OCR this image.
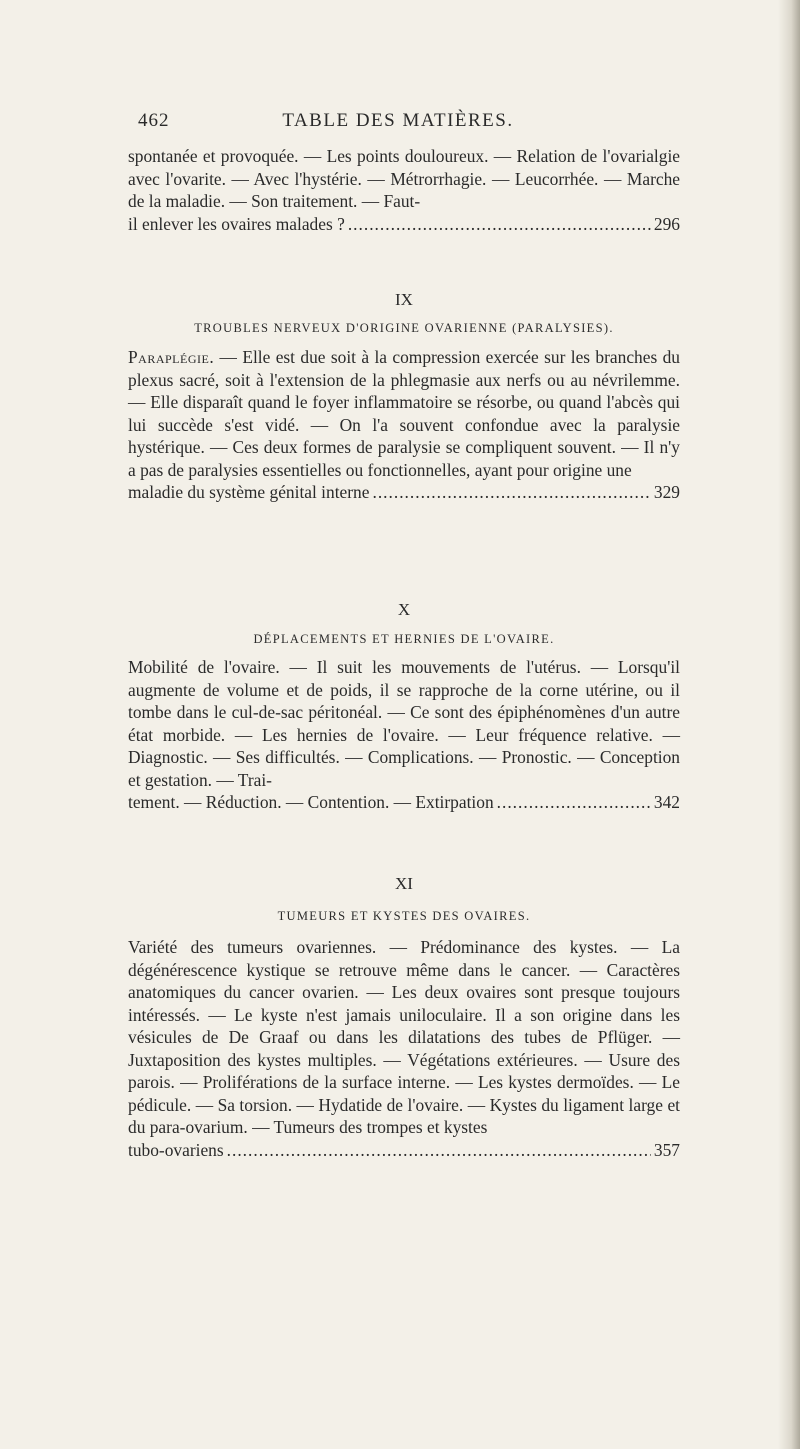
462	TABLE DES MATIÈRES.

spontanée et provoquée. — Les points douloureux. — Relation de l'ovarialgie avec l'ovarite. — Avec l'hystérie. — Métrorrhagie. — Leucorrhée. — Marche de la maladie. — Son traitement. — Faut-

il enlever les ovaires malades ? .....	296
IX
TROUBLES NERVEUX D'ORIGINE OVARIENNE (PARALYSIES).

Paraplégie. — Elle est due soit à la compression exercée sur les branches du plexus sacré, soit à l'extension de la phlegmasie aux nerfs ou au névrilemme. — Elle disparaît quand le foyer inflammatoire se résorbe, ou quand l'abcès qui lui succède s'est vidé. — On l'a souvent confondue avec la paralysie hystérique. — Ces deux formes de paralysie se compliquent souvent. — Il n'y a pas de paralysies essentielles ou fonctionnelles, ayant pour origine une

maladie du système génital interne .....	329
X
DÉPLACEMENTS ET HERNIES DE L'OVAIRE.

Mobilité de l'ovaire. — Il suit les mouvements de l'utérus. — Lorsqu'il augmente de volume et de poids, il se rapproche de la corne utérine, ou il tombe dans le cul-de-sac péritonéal. — Ce sont des épiphénomènes d'un autre état morbide. — Les hernies de l'ovaire. — Leur fréquence relative. — Diagnostic. — Ses difficultés. — Complications. — Pronostic. — Conception et gestation. — Trai-

tement. — Réduction. — Contention. — Extirpation .....	342
XI
TUMEURS ET KYSTES DES OVAIRES.

Variété des tumeurs ovariennes. — Prédominance des kystes. — La dégénérescence kystique se retrouve même dans le cancer. — Caractères anatomiques du cancer ovarien. — Les deux ovaires sont presque toujours intéressés. — Le kyste n'est jamais uniloculaire. Il a son origine dans les vésicules de De Graaf ou dans les dilatations des tubes de Pflüger. — Juxtaposition des kystes multiples. — Végétations extérieures. — Usure des parois. — Proliférations de la surface interne. — Les kystes dermoïdes. — Le pédicule. — Sa torsion. — Hydatide de l'ovaire. — Kystes du ligament large et du para-ovarium. — Tumeurs des trompes et kystes

tubo-ovariens .....	357
